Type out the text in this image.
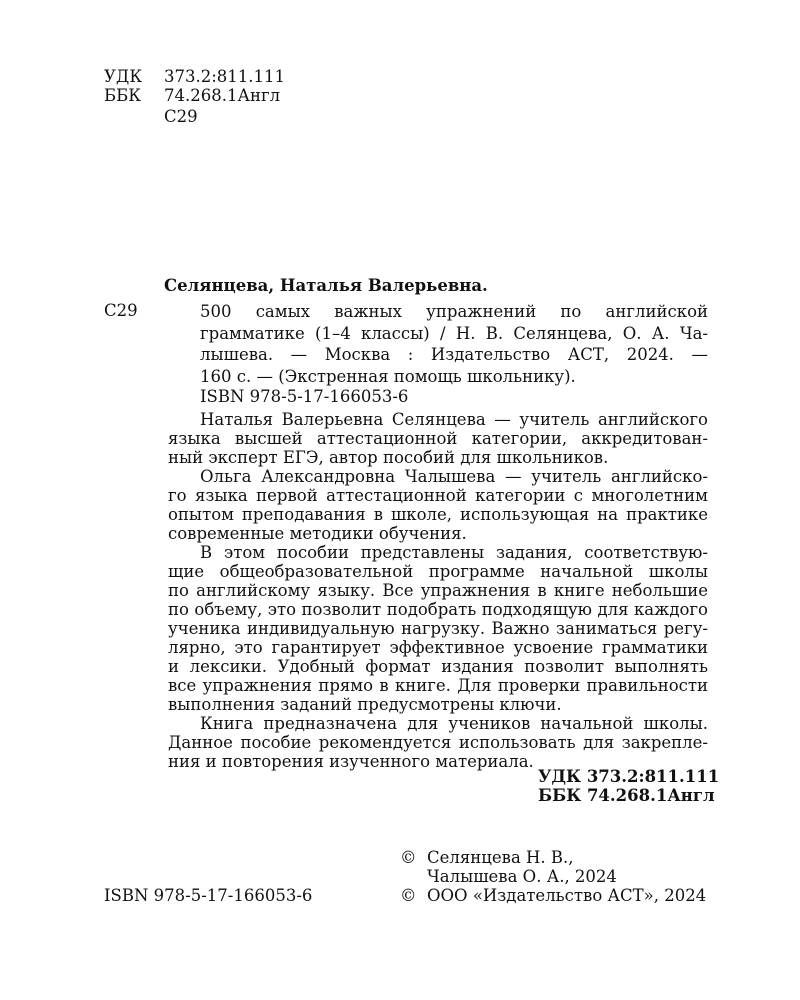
УДК	373.2:811.111
ББК	74.268.1Англ
С29
Селянцева, Наталья Валерьевна.
С29	500 самых важных упражнений по английской
грамматике (1–4 классы) / Н. В. Селянцева, О. А. Ча-
лышева. — Москва : Издательство АСТ, 2024. —
160 с. — (Экстренная помощь школьнику).
ISBN 978-5-17-166053-6
Наталья Валерьевна Селянцева — учитель английского
языка высшей аттестационной категории, аккредитован-
ный эксперт ЕГЭ, автор пособий для школьников.
Ольга Александровна Чалышева — учитель английско-
го языка первой аттестационной категории с многолетним
опытом преподавания в школе, использующая на практике
современные методики обучения.
В этом пособии представлены задания, соответствую-
щие общеобразовательной программе начальной школы
по английскому языку. Все упражнения в книге небольшие
по объему, это позволит подобрать подходящую для каждого
ученика индивидуальную нагрузку. Важно заниматься регу-
лярно, это гарантирует эффективное усвоение грамматики
и лексики. Удобный формат издания позволит выполнять
все упражнения прямо в книге. Для проверки правильности
выполнения заданий предусмотрены ключи.
Книга предназначена для учеников начальной школы.
Данное пособие рекомендуется использовать для закрепле-
ния и повторения изученного материала.
УДК 373.2:811.111
ББК 74.268.1Англ
ISBN 978-5-17-166053-6
© Селянцева Н. В.,
Чалышева О. А., 2024
© ООО «Издательство АСТ», 2024
